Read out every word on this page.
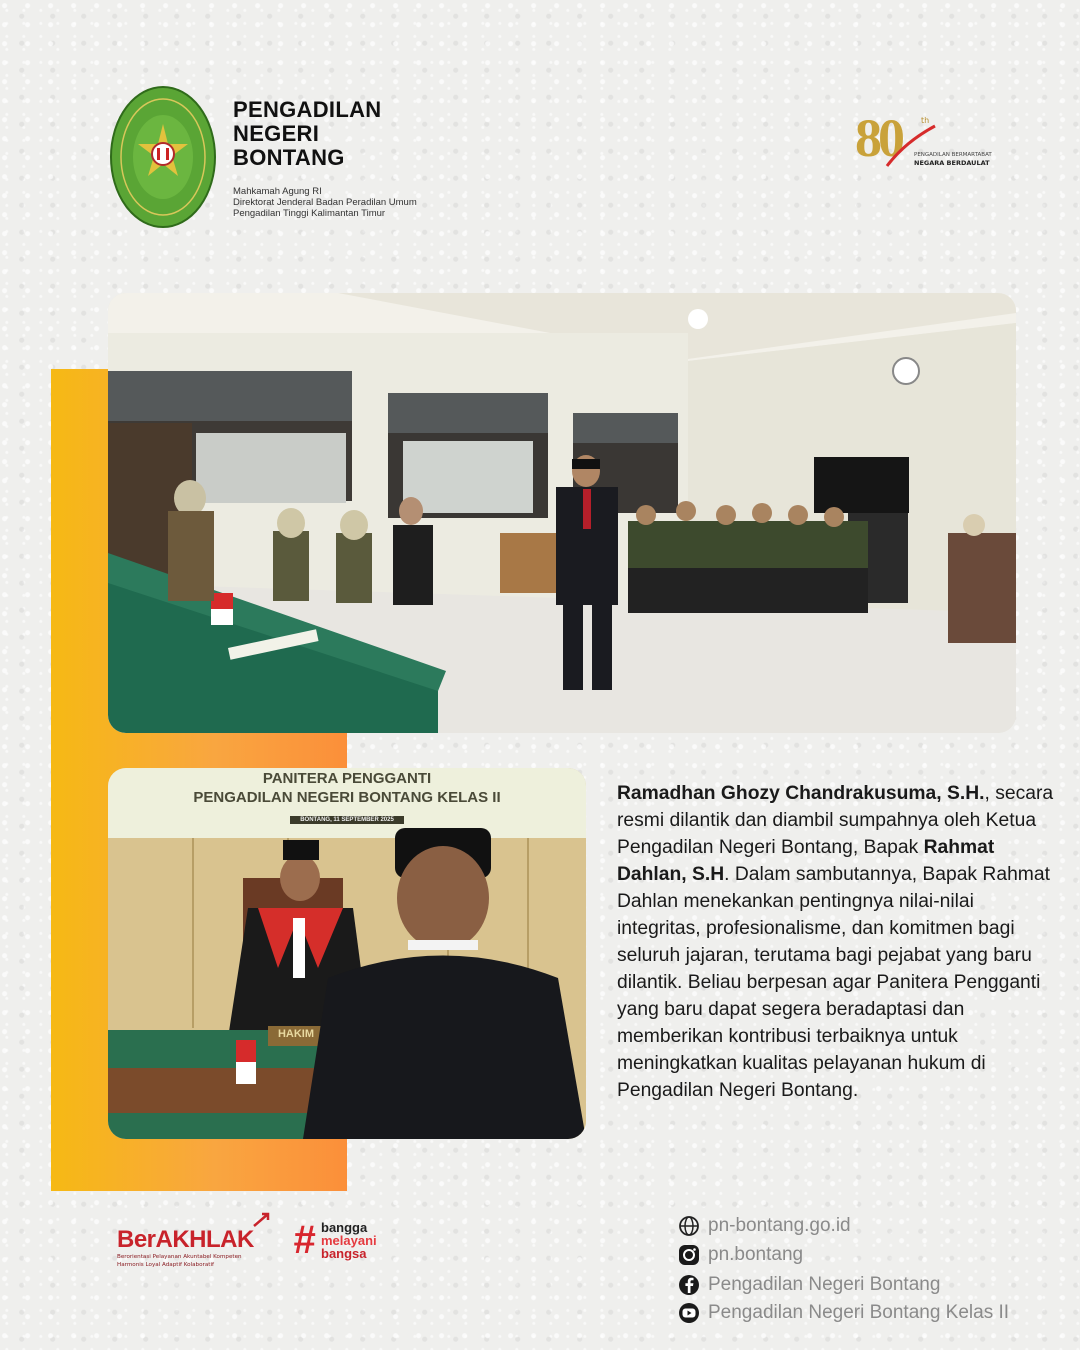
PENGADILAN
NEGERI
BONTANG
Mahkamah Agung RI
Direktorat Jenderal Badan Peradilan Umum
Pengadilan Tinggi Kalimantan Timur
80	th
PENGADILAN BERMARTABAT
NEGARA BERDAULAT
PANITERA PENGGANTI
PENGADILAN NEGERI BONTANG KELAS II
BONTANG, 11 SEPTEMBER 2025
HAKIM
Ramadhan Ghozy Chandrakusuma, S.H., secara resmi dilantik dan diambil sumpahnya oleh Ketua Pengadilan Negeri Bontang, Bapak Rahmat Dahlan, S.H. Dalam sambutannya, Bapak Rahmat Dahlan menekankan pentingnya nilai-nilai integritas, profesionalisme, dan komitmen bagi seluruh jajaran, terutama bagi pejabat yang baru dilantik. Beliau berpesan agar Panitera Pengganti yang baru dapat segera beradaptasi dan memberikan kontribusi terbaiknya untuk meningkatkan kualitas pelayanan hukum di Pengadilan Negeri Bontang.
BerAKHLAK
Berorientasi Pelayanan Akuntabel Kompeten
Harmonis Loyal Adaptif Kolaboratif
# bangga
melayani
bangsa
pn-bontang.go.id
pn.bontang
Pengadilan Negeri Bontang
Pengadilan Negeri Bontang Kelas II
